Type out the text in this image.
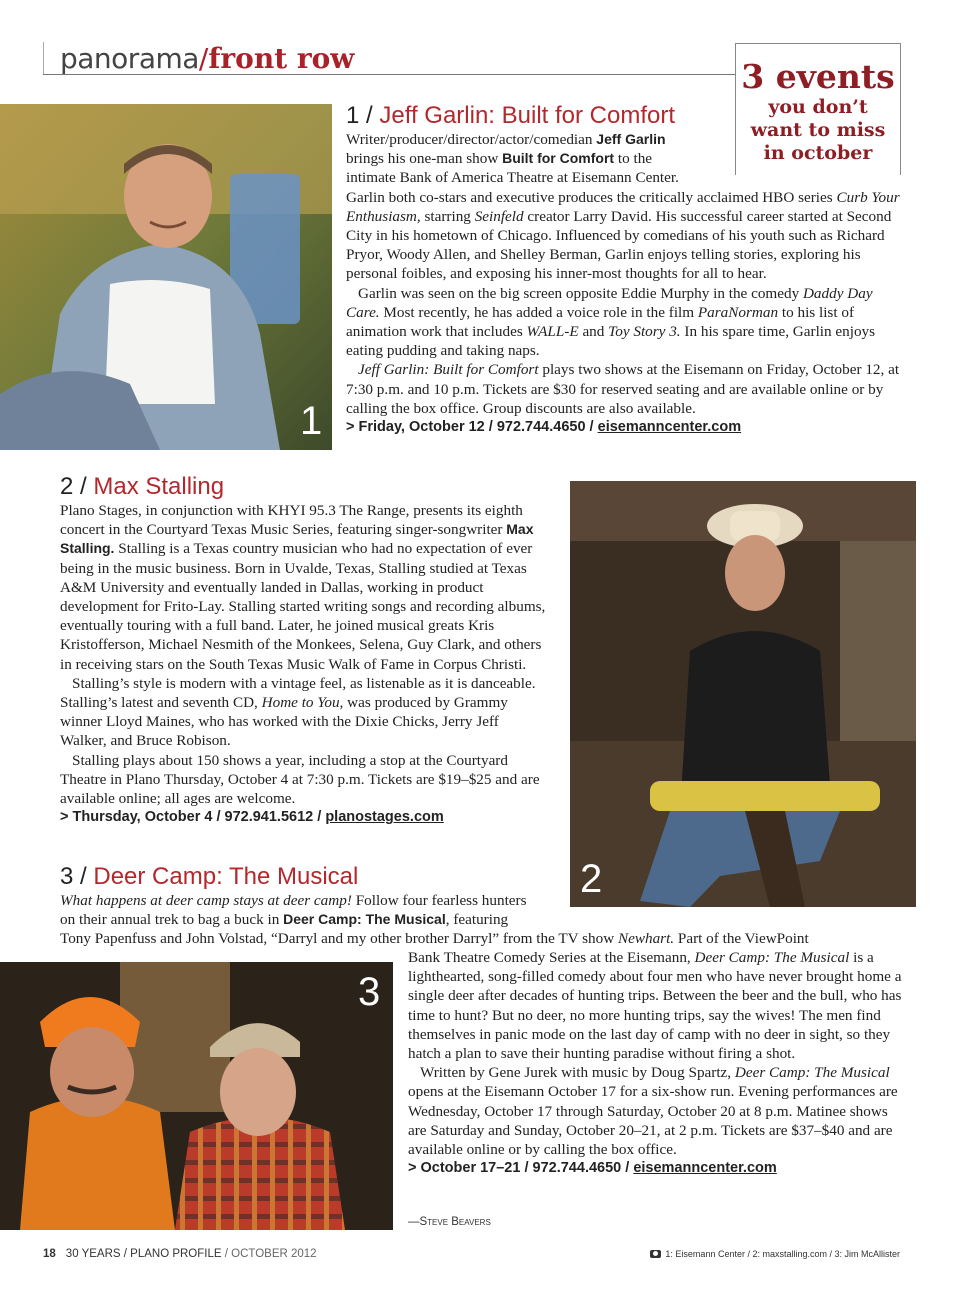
panorama/front row	3 events
you don’t
want to miss
in october
1
1 / Jeff Garlin: Built for Comfort
Writer/producer/director/actor/comedian Jeff Garlin
brings his one-man show Built for Comfort to the
intimate Bank of America Theatre at Eisemann Center.

Garlin both co-stars and executive produces the critically acclaimed HBO series Curb Your Enthusiasm, starring Seinfeld creator Larry David. His successful career started at Second City in his hometown of Chicago. Influenced by comedians of his youth such as Richard Pryor, Woody Allen, and Shelley Berman, Garlin enjoys telling stories, exploring his personal foibles, and exposing his inner-most thoughts for all to hear.

Garlin was seen on the big screen opposite Eddie Murphy in the comedy Daddy Day Care. Most recently, he has added a voice role in the film ParaNorman to his list of animation work that includes WALL-E and Toy Story 3. In his spare time, Garlin enjoys eating pudding and taking naps.

Jeff Garlin: Built for Comfort plays two shows at the Eisemann on Friday, October 12, at 7:30 p.m. and 10 p.m. Tickets are $30 for reserved seating and are available online or by calling the box office. Group discounts are also available.

> Friday, October 12 / 972.744.4650 / eisemanncenter.com
2 / Max Stalling

Plano Stages, in conjunction with KHYI 95.3 The Range, presents its eighth concert in the Courtyard Texas Music Series, featuring singer-songwriter Max Stalling. Stalling is a Texas country musician who had no expectation of ever being in the music business. Born in Uvalde, Texas, Stalling studied at Texas A&M University and eventually landed in Dallas, working in product development for Frito-Lay. Stalling started writing songs and recording albums, eventually touring with a full band. Later, he joined musical greats Kris Kristofferson, Michael Nesmith of the Monkees, Selena, Guy Clark, and others in receiving stars on the South Texas Music Walk of Fame in Corpus Christi.

Stalling’s style is modern with a vintage feel, as listenable as it is danceable. Stalling’s latest and seventh CD, Home to You, was produced by Grammy winner Lloyd Maines, who has worked with the Dixie Chicks, Jerry Jeff Walker, and Bruce Robison.

Stalling plays about 150 shows a year, including a stop at the Courtyard Theatre in Plano Thursday, October 4 at 7:30 p.m. Tickets are $19–$25 and are available online; all ages are welcome.

> Thursday, October 4 / 972.941.5612 / planostages.com
2
3 / Deer Camp: The Musical
What happens at deer camp stays at deer camp! Follow four fearless hunters
on their annual trek to bag a buck in Deer Camp: The Musical, featuring
Tony Papenfuss and John Volstad, “Darryl and my other brother Darryl” from the TV show Newhart. Part of the ViewPoint
3

Bank Theatre Comedy Series at the Eisemann, Deer Camp: The Musical is a lighthearted, song-filled comedy about four men who have never brought home a single deer after decades of hunting trips. Between the beer and the bull, who has time to hunt? But no deer, no more hunting trips, say the wives! The men find themselves in panic mode on the last day of camp with no deer in sight, so they hatch a plan to save their hunting paradise without firing a shot.

Written by Gene Jurek with music by Doug Spartz, Deer Camp: The Musical opens at the Eisemann October 17 for a six-show run. Evening performances are Wednesday, October 17 through Saturday, October 20 at 8 p.m. Matinee shows are Saturday and Sunday, October 20–21, at 2 p.m. Tickets are $37–$40 and are available online or by calling the box office.

> October 17–21 / 972.744.4650 / eisemanncenter.com
—Steve Beavers
18 30 YEARS / PLANO PROFILE / OCTOBER 2012	1: Eisemann Center / 2: maxstalling.com / 3: Jim McAllister
